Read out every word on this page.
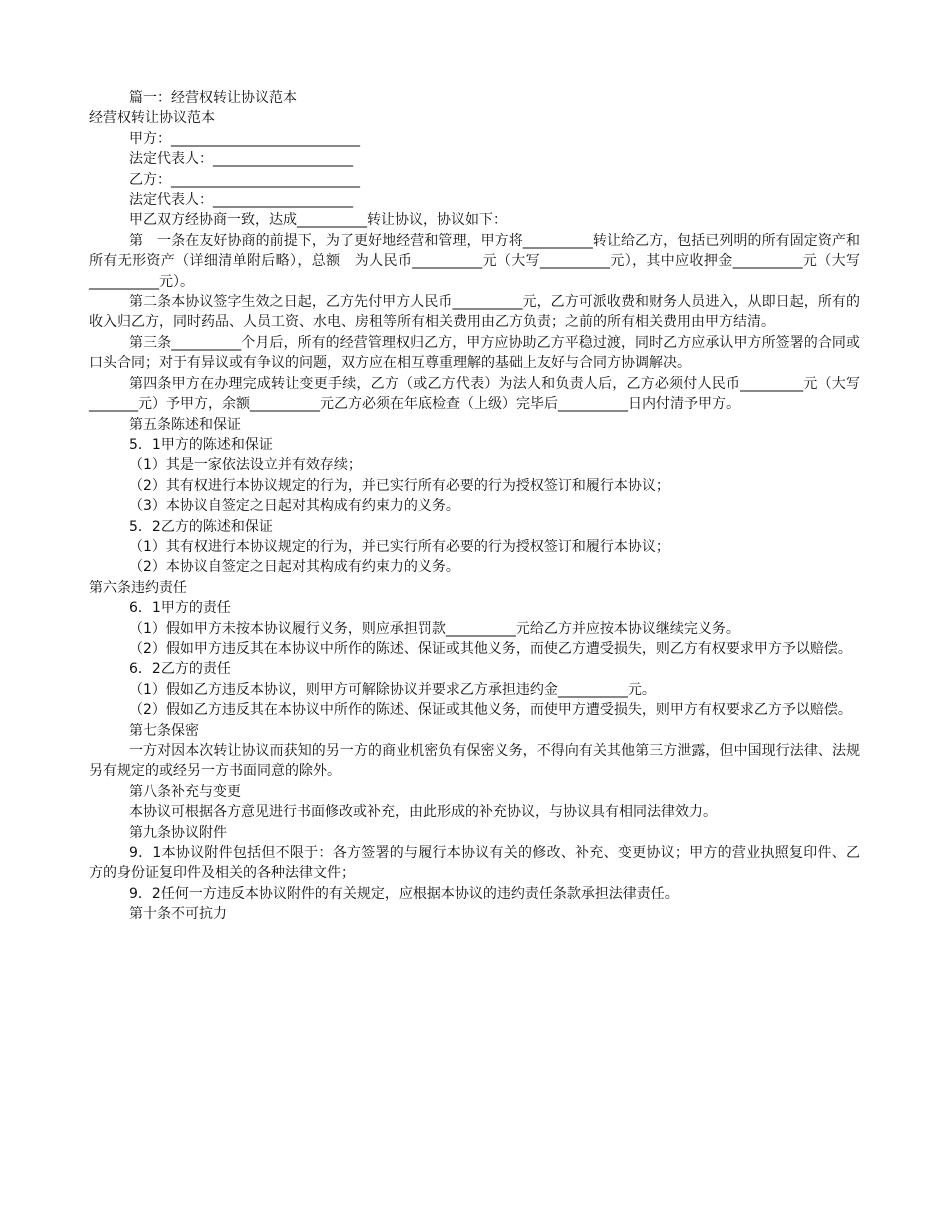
篇一：经营权转让协议范本

经营权转让协议范本

甲方：___________________________

法定代表人：____________________

乙方：___________________________

法定代表人：____________________

甲乙双方经协商一致，达成__________转让协议，协议如下：

第　一条在友好协商的前提下，为了更好地经营和管理，甲方将__________转让给乙方，包括已列明的所有固定资产和所有无形资产（详细清单附后略），总额　为人民币__________元（大写__________元），其中应收押金__________元（大写__________元）。

第二条本协议签字生效之日起，乙方先付甲方人民币__________元，乙方可派收费和财务人员进入，从即日起，所有的收入归乙方，同时药品、人员工资、水电、房租等所有相关费用由乙方负责；之前的所有相关费用由甲方结清。

第三条__________个月后，所有的经营管理权归乙方，甲方应协助乙方平稳过渡，同时乙方应承认甲方所签署的合同或口头合同；对于有异议或有争议的问题，双方应在相互尊重理解的基础上友好与合同方协调解决。

第四条甲方在办理完成转让变更手续，乙方（或乙方代表）为法人和负责人后，乙方必须付人民币_________元（大写_______元）予甲方，余额__________元乙方必须在年底检查（上级）完毕后__________日内付清予甲方。

第五条陈述和保证

5．1甲方的陈述和保证

（1）其是一家依法设立并有效存续；

（2）其有权进行本协议规定的行为，并已实行所有必要的行为授权签订和履行本协议；

（3）本协议自签定之日起对其构成有约束力的义务。

5．2乙方的陈述和保证

（1）其有权进行本协议规定的行为，并已实行所有必要的行为授权签订和履行本协议；

（2）本协议自签定之日起对其构成有约束力的义务。

第六条违约责任

6．1甲方的责任

（1）假如甲方未按本协议履行义务，则应承担罚款__________元给乙方并应按本协议继续完义务。

（2）假如甲方违反其在本协议中所作的陈述、保证或其他义务，而使乙方遭受损失，则乙方有权要求甲方予以赔偿。

6．2乙方的责任

（1）假如乙方违反本协议，则甲方可解除协议并要求乙方承担违约金__________元。

（2）假如乙方违反其在本协议中所作的陈述、保证或其他义务，而使甲方遭受损失，则甲方有权要求乙方予以赔偿。

第七条保密

一方对因本次转让协议而获知的另一方的商业机密负有保密义务，不得向有关其他第三方泄露，但中国现行法律、法规另有规定的或经另一方书面同意的除外。

第八条补充与变更

本协议可根据各方意见进行书面修改或补充，由此形成的补充协议，与协议具有相同法律效力。

第九条协议附件

9．1本协议附件包括但不限于：各方签署的与履行本协议有关的修改、补充、变更协议；甲方的营业执照复印件、乙方的身份证复印件及相关的各种法律文件；

9．2任何一方违反本协议附件的有关规定，应根据本协议的违约责任条款承担法律责任。

第十条不可抗力
